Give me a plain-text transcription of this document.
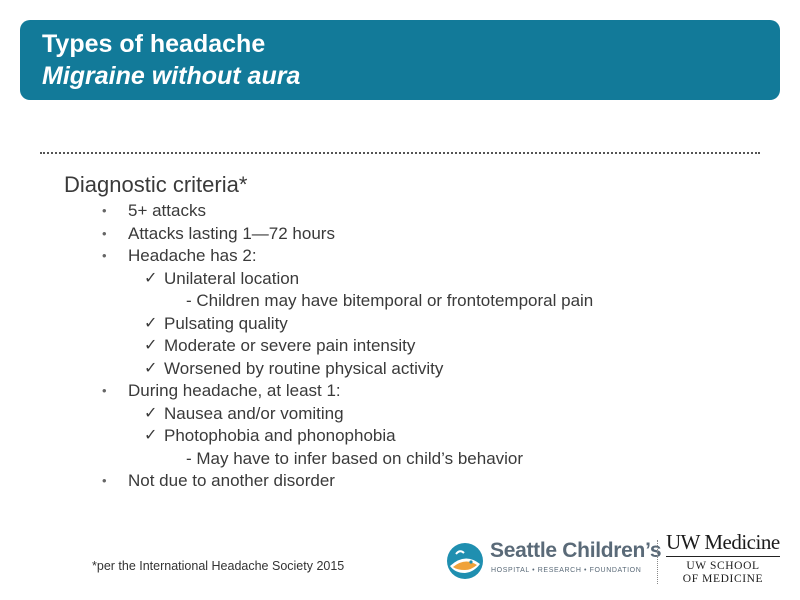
Types of headache
Migraine without aura
Diagnostic criteria*
• 5+ attacks
• Attacks lasting 1—72 hours
• Headache has 2:
✓ Unilateral location
- Children may have bitemporal or frontotemporal pain
✓ Pulsating quality
✓ Moderate or severe pain intensity
✓ Worsened by routine physical activity
• During headache, at least 1:
✓ Nausea and/or vomiting
✓ Photophobia and phonophobia
- May have to infer based on child’s behavior
• Not due to another disorder
*per the International Headache Society 2015
Seattle Children’s
HOSPITAL • RESEARCH • FOUNDATION
UW Medicine
UW SCHOOL
OF MEDICINE
